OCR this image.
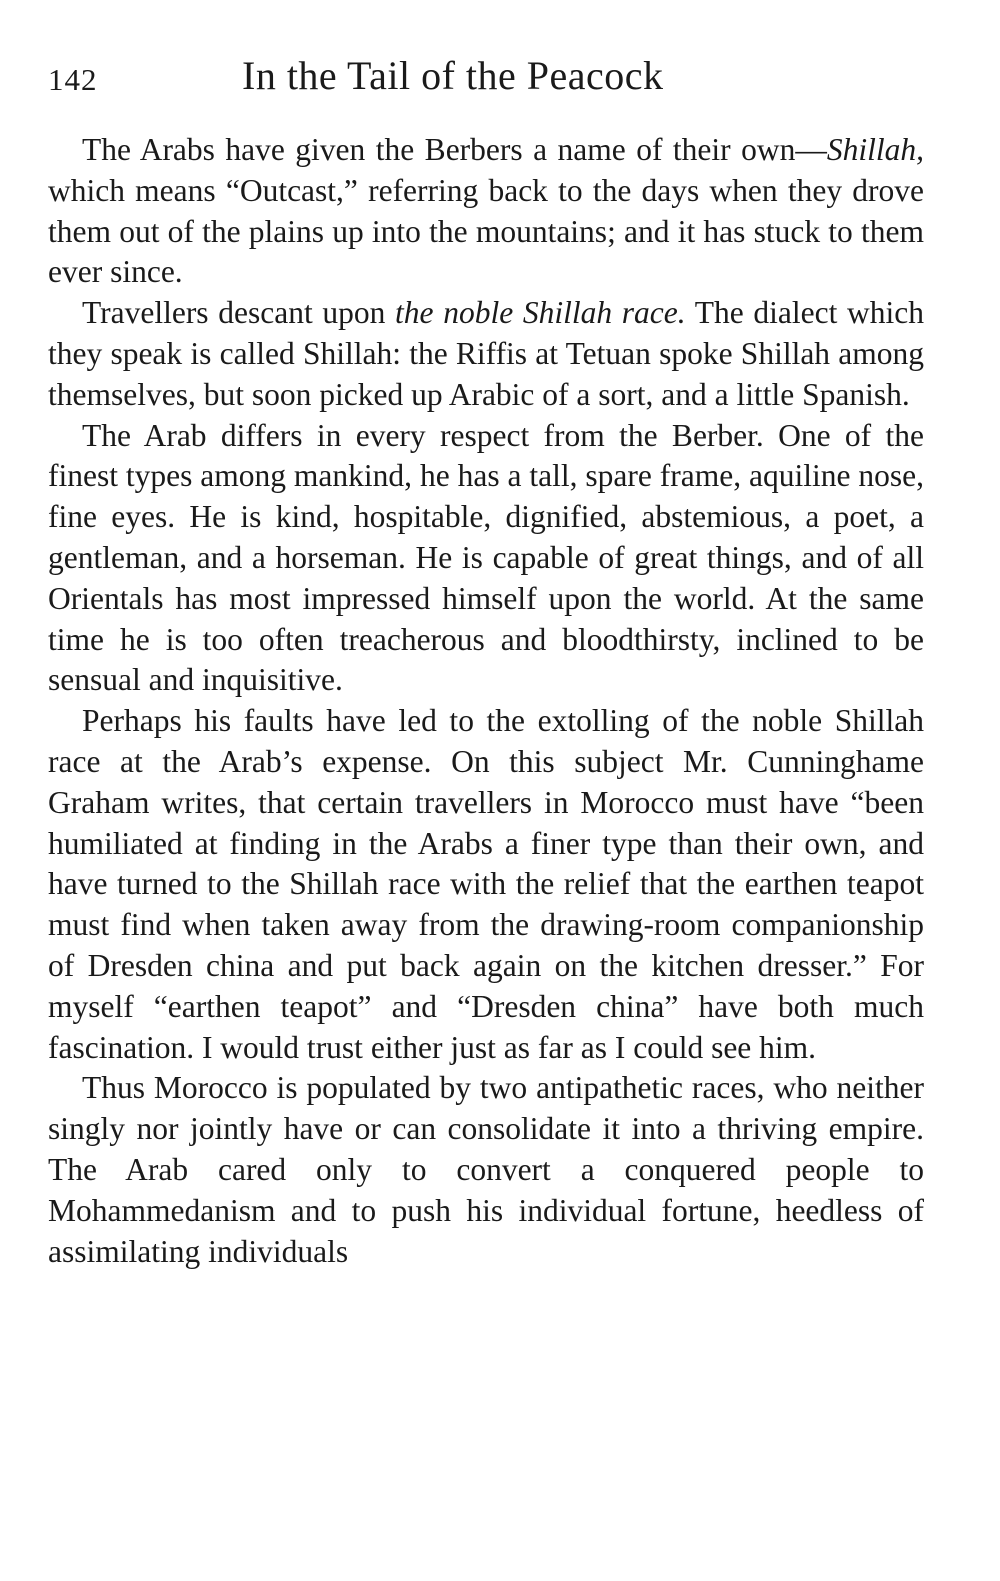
142	In the Tail of the Peacock

The Arabs have given the Berbers a name of their own—Shillah, which means “Outcast,” referring back to the days when they drove them out of the plains up into the mountains; and it has stuck to them ever since.

Travellers descant upon the noble Shillah race. The dialect which they speak is called Shillah: the Riffis at Tetuan spoke Shillah among themselves, but soon picked up Arabic of a sort, and a little Spanish.

The Arab differs in every respect from the Berber. One of the finest types among mankind, he has a tall, spare frame, aquiline nose, fine eyes. He is kind, hospitable, dignified, abstemious, a poet, a gentleman, and a horseman. He is capable of great things, and of all Orientals has most impressed himself upon the world. At the same time he is too often treacherous and bloodthirsty, inclined to be sensual and inquisitive.

Perhaps his faults have led to the extolling of the noble Shillah race at the Arab’s expense. On this subject Mr. Cunninghame Graham writes, that certain travellers in Morocco must have “been humiliated at finding in the Arabs a finer type than their own, and have turned to the Shillah race with the relief that the earthen teapot must find when taken away from the drawing-room companionship of Dresden china and put back again on the kitchen dresser.” For myself “earthen teapot” and “Dresden china” have both much fascination. I would trust either just as far as I could see him.

Thus Morocco is populated by two antipathetic races, who neither singly nor jointly have or can consolidate it into a thriving empire. The Arab cared only to convert a conquered people to Mohammedanism and to push his individual fortune, heedless of assimilating individuals
